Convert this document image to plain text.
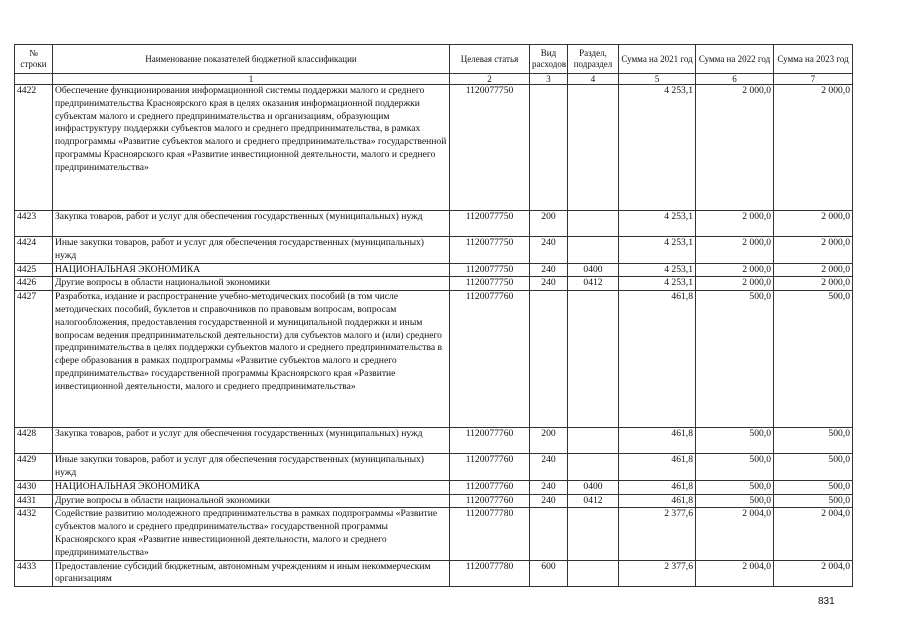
№ строки	Наименование показателей бюджетной классификации	Целевая статья	Вид расходов	Раздел, подраздел	Сумма на 2021 год	Сумма на 2022 год	Сумма на 2023 год
	1	2	3	4	5	6	7
4422	Обеспечение функционирования информационной системы поддержки малого и среднего предпринимательства Красноярского края в целях оказания информационной поддержки субъектам малого и среднего предпринимательства и организациям, образующим инфраструктуру поддержки субъектов малого и среднего предпринимательства, в рамках подпрограммы «Развитие субъектов малого и среднего предпринимательства» государственной программы Красноярского края «Развитие инвестиционной деятельности, малого и среднего предпринимательства»	1120077750			4 253,1	2 000,0	2 000,0
4423	Закупка товаров, работ и услуг для обеспечения государственных (муниципальных) нужд	1120077750	200		4 253,1	2 000,0	2 000,0
4424	Иные закупки товаров, работ и услуг для обеспечения государственных (муниципальных) нужд	1120077750	240		4 253,1	2 000,0	2 000,0
4425	НАЦИОНАЛЬНАЯ ЭКОНОМИКА	1120077750	240	0400	4 253,1	2 000,0	2 000,0
4426	Другие вопросы в области национальной экономики	1120077750	240	0412	4 253,1	2 000,0	2 000,0
4427	Разработка, издание и распространение учебно-методических пособий (в том числе методических пособий, буклетов и справочников по правовым вопросам, вопросам налогообложения, предоставления государственной и муниципальной поддержки и иным вопросам ведения предпринимательской деятельности) для субъектов малого и (или) среднего предпринимательства в целях поддержки субъектов малого и среднего предпринимательства в сфере образования в рамках подпрограммы «Развитие субъектов малого и среднего предпринимательства» государственной программы Красноярского края «Развитие инвестиционной деятельности, малого и среднего предпринимательства»	1120077760			461,8	500,0	500,0
4428	Закупка товаров, работ и услуг для обеспечения государственных (муниципальных) нужд	1120077760	200		461,8	500,0	500,0
4429	Иные закупки товаров, работ и услуг для обеспечения государственных (муниципальных) нужд	1120077760	240		461,8	500,0	500,0
4430	НАЦИОНАЛЬНАЯ ЭКОНОМИКА	1120077760	240	0400	461,8	500,0	500,0
4431	Другие вопросы в области национальной экономики	1120077760	240	0412	461,8	500,0	500,0
4432	Содействие развитию молодежного предпринимательства в рамках подпрограммы «Развитие субъектов малого и среднего предпринимательства» государственной программы Красноярского края «Развитие инвестиционной деятельности, малого и среднего предпринимательства»	1120077780			2 377,6	2 004,0	2 004,0
4433	Предоставление субсидий бюджетным, автономным учреждениям и иным некоммерческим организациям	1120077780	600		2 377,6	2 004,0	2 004,0
831
